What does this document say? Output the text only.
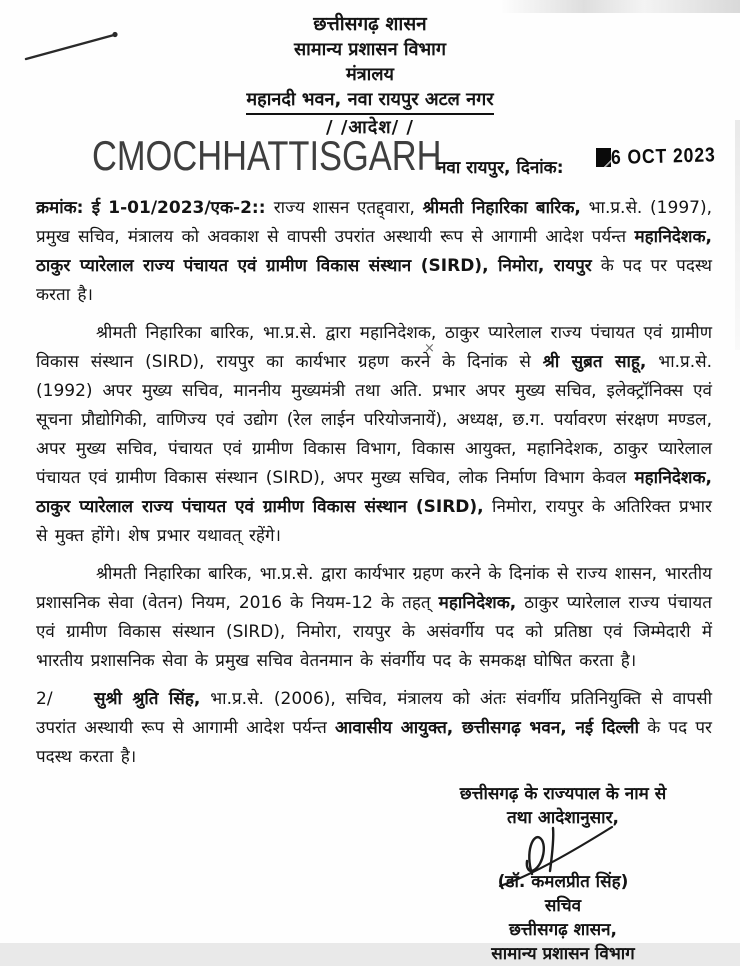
छत्तीसगढ़ शासन
सामान्य प्रशासन विभाग
मंत्रालय
महानदी भवन, नवा रायपुर अटल नगर
/ /आदेश/ /
CMOCHHATTISGARH
नवा रायपुर, दिनांक:	6 OCT 2023

क्रमांक: ई 1-01/2023/एक-2:: राज्य शासन एतद्द्वारा, श्रीमती निहारिका बारिक, भा.प्र.से. (1997), प्रमुख सचिव, मंत्रालय को अवकाश से वापसी उपरांत अस्थायी रूप से आगामी आदेश पर्यन्त महानिदेशक, ठाकुर प्यारेलाल राज्य पंचायत एवं ग्रामीण विकास संस्थान (SIRD), निमोरा, रायपुर के पद पर पदस्थ करता है।

श्रीमती निहारिका बारिक, भा.प्र.से. द्वारा महानिदेशक, ठाकुर प्यारेलाल राज्य पंचायत एवं ग्रामीण विकास संस्थान (SIRD), रायपुर का कार्यभार ग्रहण करने के दिनांक से श्री सुब्रत साहू, भा.प्र.से. (1992) अपर मुख्य सचिव, माननीय मुख्यमंत्री तथा अति. प्रभार अपर मुख्य सचिव, इलेक्ट्रॉनिक्स एवं सूचना प्रौद्योगिकी, वाणिज्य एवं उद्योग (रेल लाईन परियोजनायें), अध्यक्ष, छ.ग. पर्यावरण संरक्षण मण्डल, अपर मुख्य सचिव, पंचायत एवं ग्रामीण विकास विभाग, विकास आयुक्त, महानिदेशक, ठाकुर प्यारेलाल पंचायत एवं ग्रामीण विकास संस्थान (SIRD), अपर मुख्य सचिव, लोक निर्माण विभाग केवल महानिदेशक, ठाकुर प्यारेलाल राज्य पंचायत एवं ग्रामीण विकास संस्थान (SIRD), निमोरा, रायपुर के अतिरिक्त प्रभार से मुक्त होंगे। शेष प्रभार यथावत् रहेंगे।

श्रीमती निहारिका बारिक, भा.प्र.से. द्वारा कार्यभार ग्रहण करने के दिनांक से राज्य शासन, भारतीय प्रशासनिक सेवा (वेतन) नियम, 2016 के नियम-12 के तहत् महानिदेशक, ठाकुर प्यारेलाल राज्य पंचायत एवं ग्रामीण विकास संस्थान (SIRD), निमोरा, रायपुर के असंवर्गीय पद को प्रतिष्ठा एवं जिम्मेदारी में भारतीय प्रशासनिक सेवा के प्रमुख सचिव वेतनमान के संवर्गीय पद के समकक्ष घोषित करता है।

2/ सुश्री श्रुति सिंह, भा.प्र.से. (2006), सचिव, मंत्रालय को अंतः संवर्गीय प्रतिनियुक्ति से वापसी उपरांत अस्थायी रूप से आगामी आदेश पर्यन्त आवासीय आयुक्त, छत्तीसगढ़ भवन, नई दिल्ली के पद पर पदस्थ करता है।

×
छत्तीसगढ़ के राज्यपाल के नाम से
तथा आदेशानुसार,
(डॉ. कमलप्रीत सिंह)
सचिव
छत्तीसगढ़ शासन,
सामान्य प्रशासन विभाग
